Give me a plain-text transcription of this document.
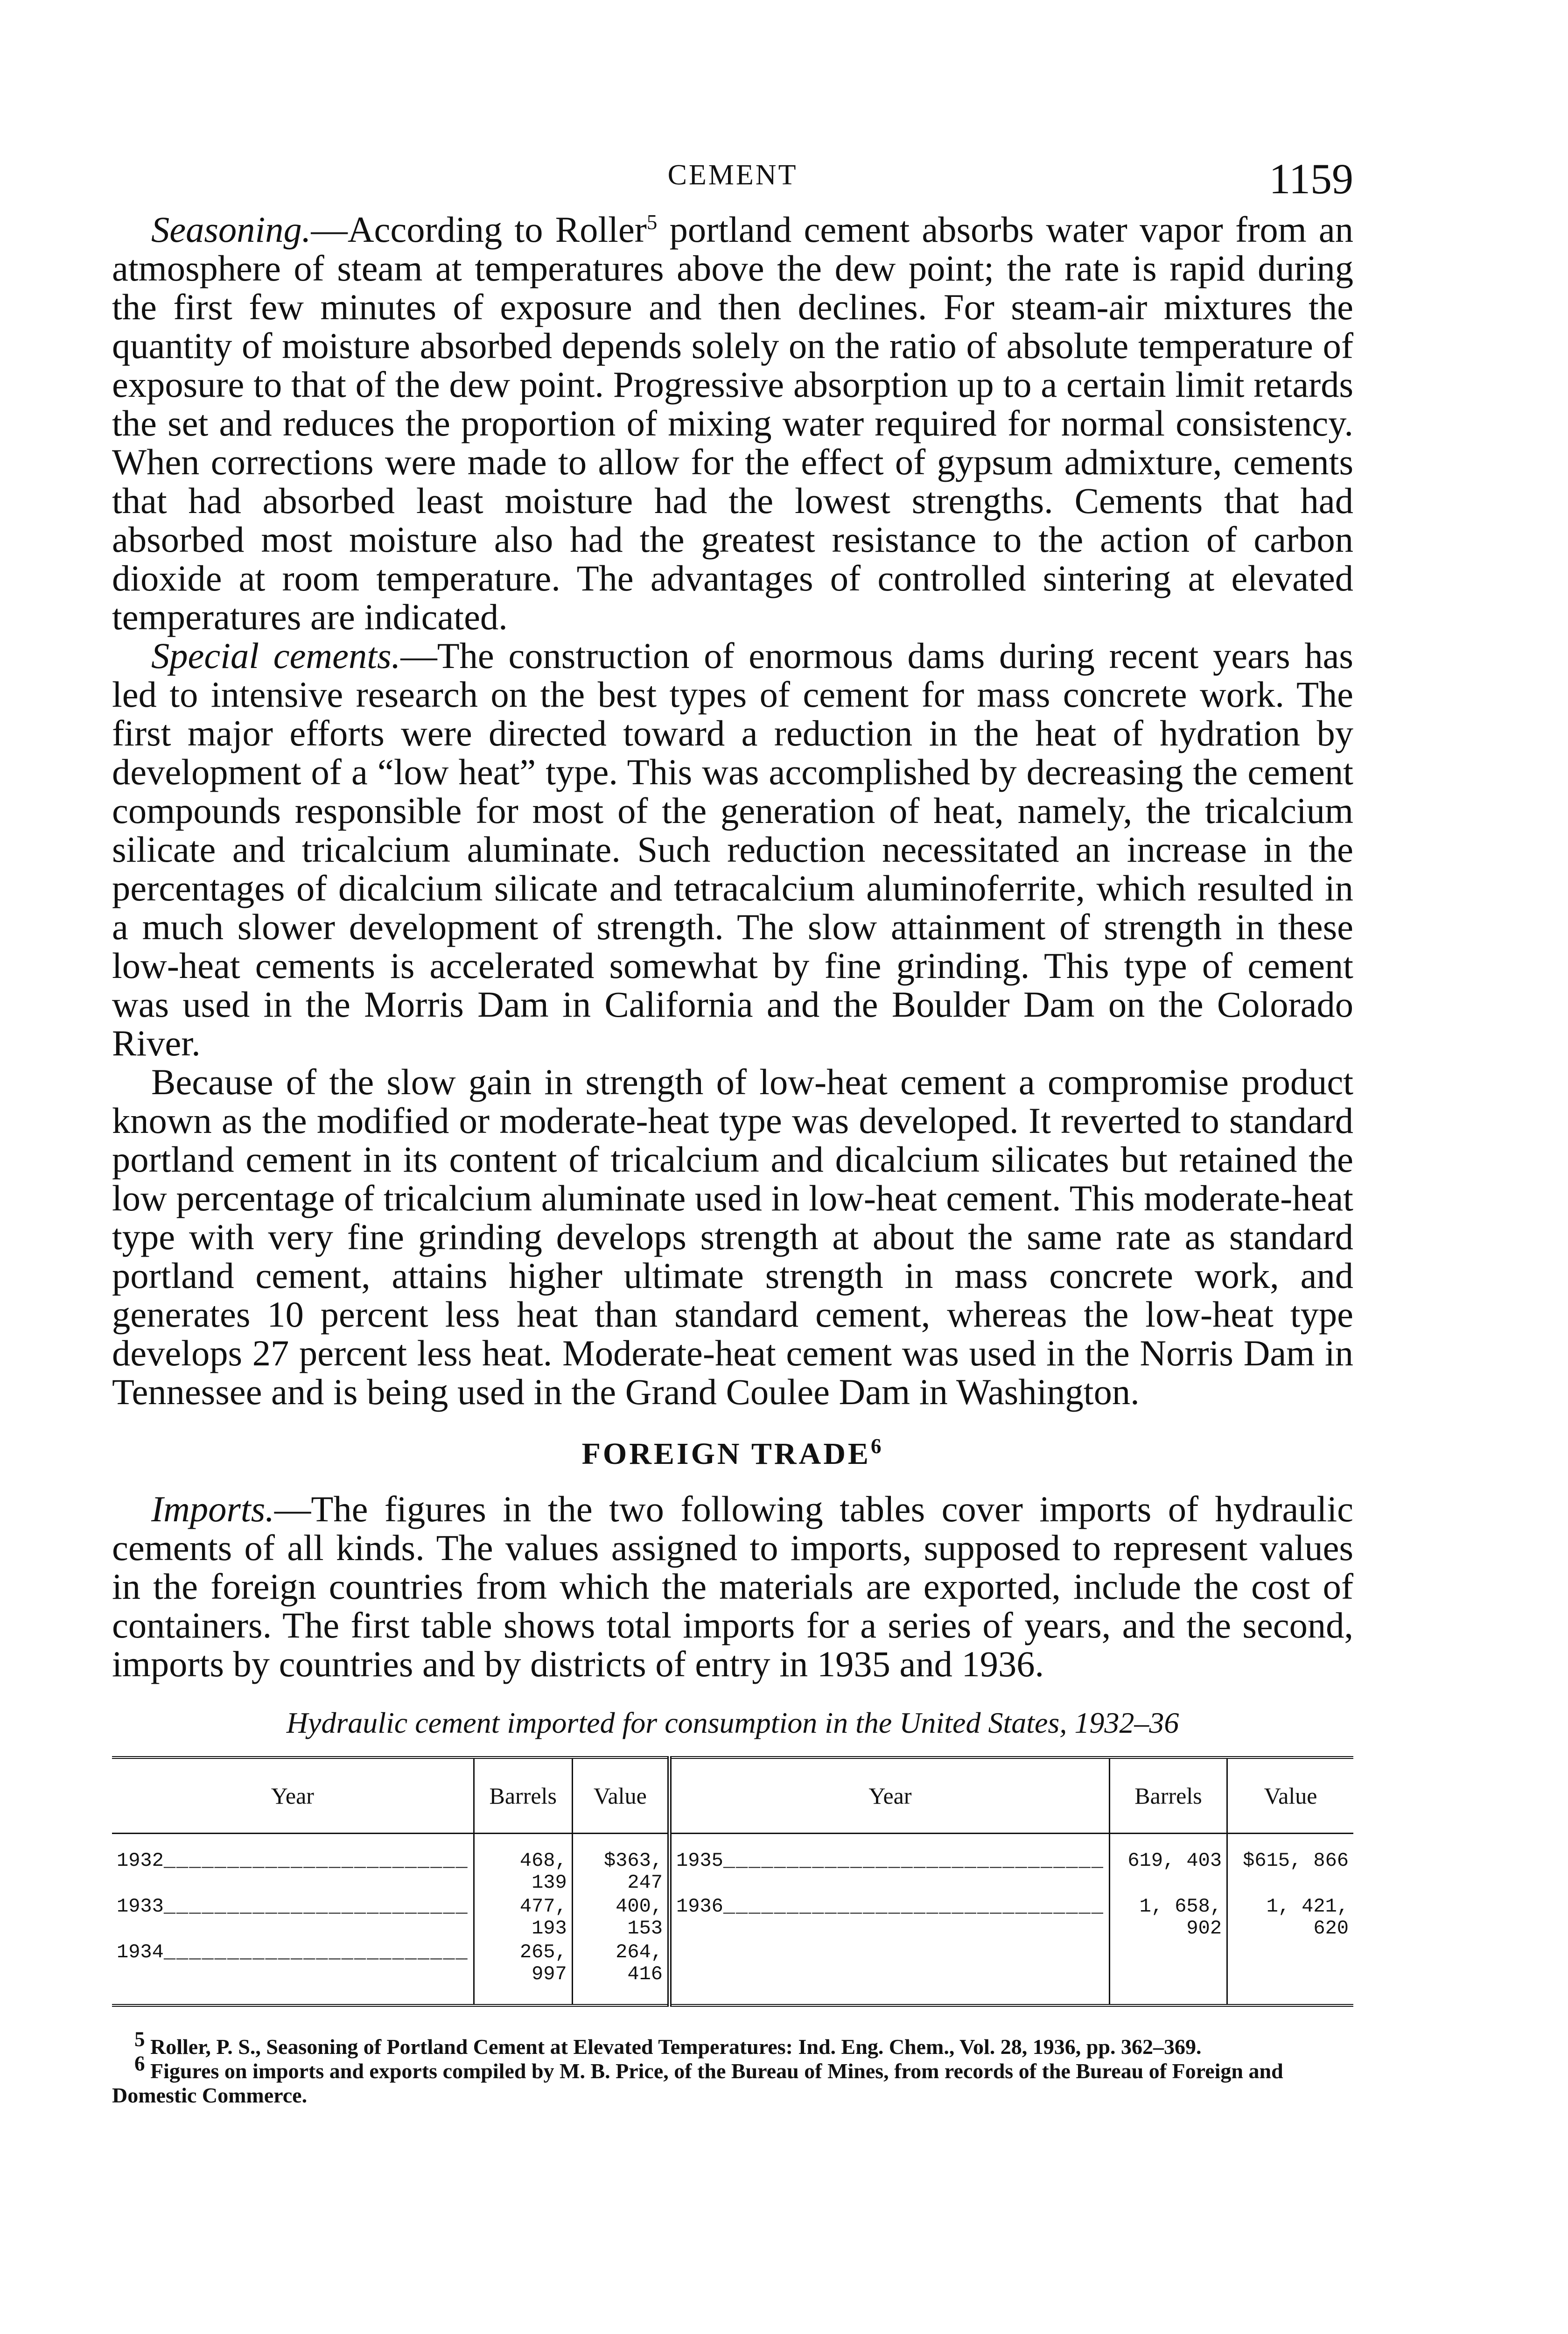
CEMENT	1159

Seasoning.—According to Roller$^5$ portland cement absorbs water vapor from an atmosphere of steam at temperatures above the dew point; the rate is rapid during the first few minutes of exposure and then declines. For steam-air mixtures the quantity of moisture absorbed depends solely on the ratio of absolute temperature of exposure to that of the dew point. Progressive absorption up to a certain limit retards the set and reduces the proportion of mixing water required for normal consistency. When corrections were made to allow for the effect of gypsum admixture, cements that had absorbed least moisture had the lowest strengths. Cements that had absorbed most moisture also had the greatest resistance to the action of carbon dioxide at room temperature. The advantages of controlled sintering at elevated temperatures are indicated.

Special cements.—The construction of enormous dams during recent years has led to intensive research on the best types of cement for mass concrete work. The first major efforts were directed toward a reduction in the heat of hydration by development of a “low heat” type. This was accomplished by decreasing the cement compounds responsible for most of the generation of heat, namely, the tricalcium silicate and tricalcium aluminate. Such reduction necessitated an increase in the percentages of dicalcium silicate and tetracalcium aluminoferrite, which resulted in a much slower development of strength. The slow attainment of strength in these low-heat cements is accelerated somewhat by fine grinding. This type of cement was used in the Morris Dam in California and the Boulder Dam on the Colorado River.

Because of the slow gain in strength of low-heat cement a compromise product known as the modified or moderate-heat type was developed. It reverted to standard portland cement in its content of tricalcium and dicalcium silicates but retained the low percentage of tricalcium aluminate used in low-heat cement. This moderate-heat type with very fine grinding develops strength at about the same rate as standard portland cement, attains higher ultimate strength in mass concrete work, and generates 10 percent less heat than standard cement, whereas the low-heat type develops 27 percent less heat. Moderate-heat cement was used in the Norris Dam in Tennessee and is being used in the Grand Coulee Dam in Washington.

FOREIGN TRADE$^6$

Imports.—The figures in the two following tables cover imports of hydraulic cements of all kinds. The values assigned to imports, supposed to represent values in the foreign countries from which the materials are exported, include the cost of containers. The first table shows total imports for a series of years, and the second, imports by countries and by districts of entry in 1935 and 1936.

Hydraulic cement imported for consumption in the United States, 1932–36
Year	Barrels	Value	Year	Barrels	Value
1932________________________	468, 139	$363, 247	1935______________________________	619, 403	$615, 866
1933________________________	477, 193	400, 153	1936______________________________	1, 658, 902	1, 421, 620
1934________________________	265, 997	264, 416			

$^5$ Roller, P. S., Seasoning of Portland Cement at Elevated Temperatures: Ind. Eng. Chem., Vol. 28, 1936, pp. 362–369.

$^6$ Figures on imports and exports compiled by M. B. Price, of the Bureau of Mines, from records of the Bureau of Foreign and Domestic Commerce.
